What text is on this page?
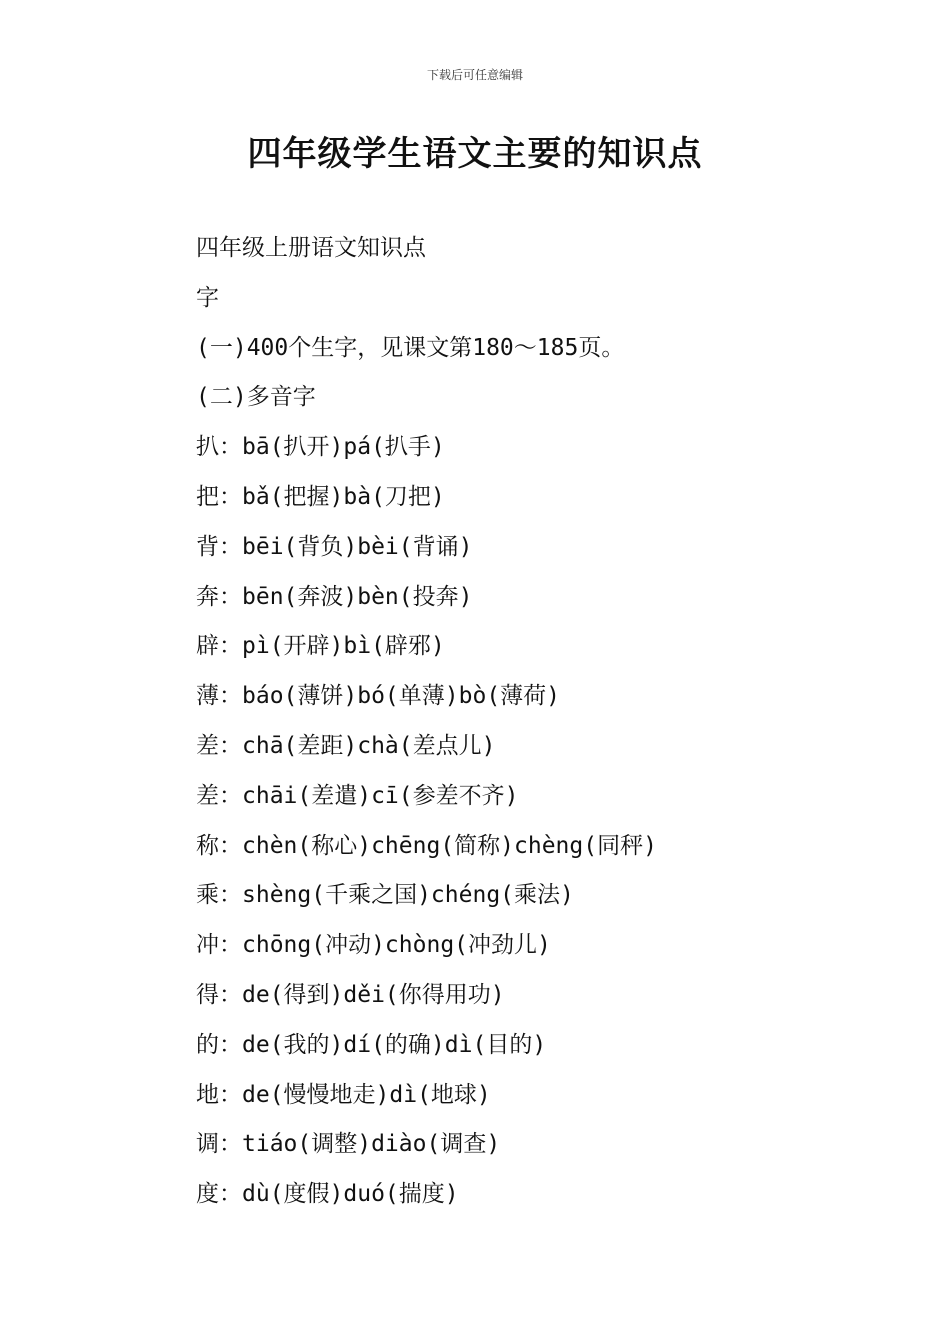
下载后可任意编辑
四年级学生语文主要的知识点
四年级上册语文知识点
字
(一)400个生字，见课文第180～185页。
(二)多音字
扒：bā(扒开)pá(扒手)
把：bǎ(把握)bà(刀把)
背：bēi(背负)bèi(背诵)
奔：bēn(奔波)bèn(投奔)
辟：pì(开辟)bì(辟邪)
薄：báo(薄饼)bó(单薄)bò(薄荷)
差：chā(差距)chà(差点儿)
差：chāi(差遣)cī(参差不齐)
称：chèn(称心)chēng(简称)chèng(同秤)
乘：shèng(千乘之国)chéng(乘法)
冲：chōng(冲动)chòng(冲劲儿)
得：de(得到)děi(你得用功)
的：de(我的)dí(的确)dì(目的)
地：de(慢慢地走)dì(地球)
调：tiáo(调整)diào(调查)
度：dù(度假)duó(揣度)
